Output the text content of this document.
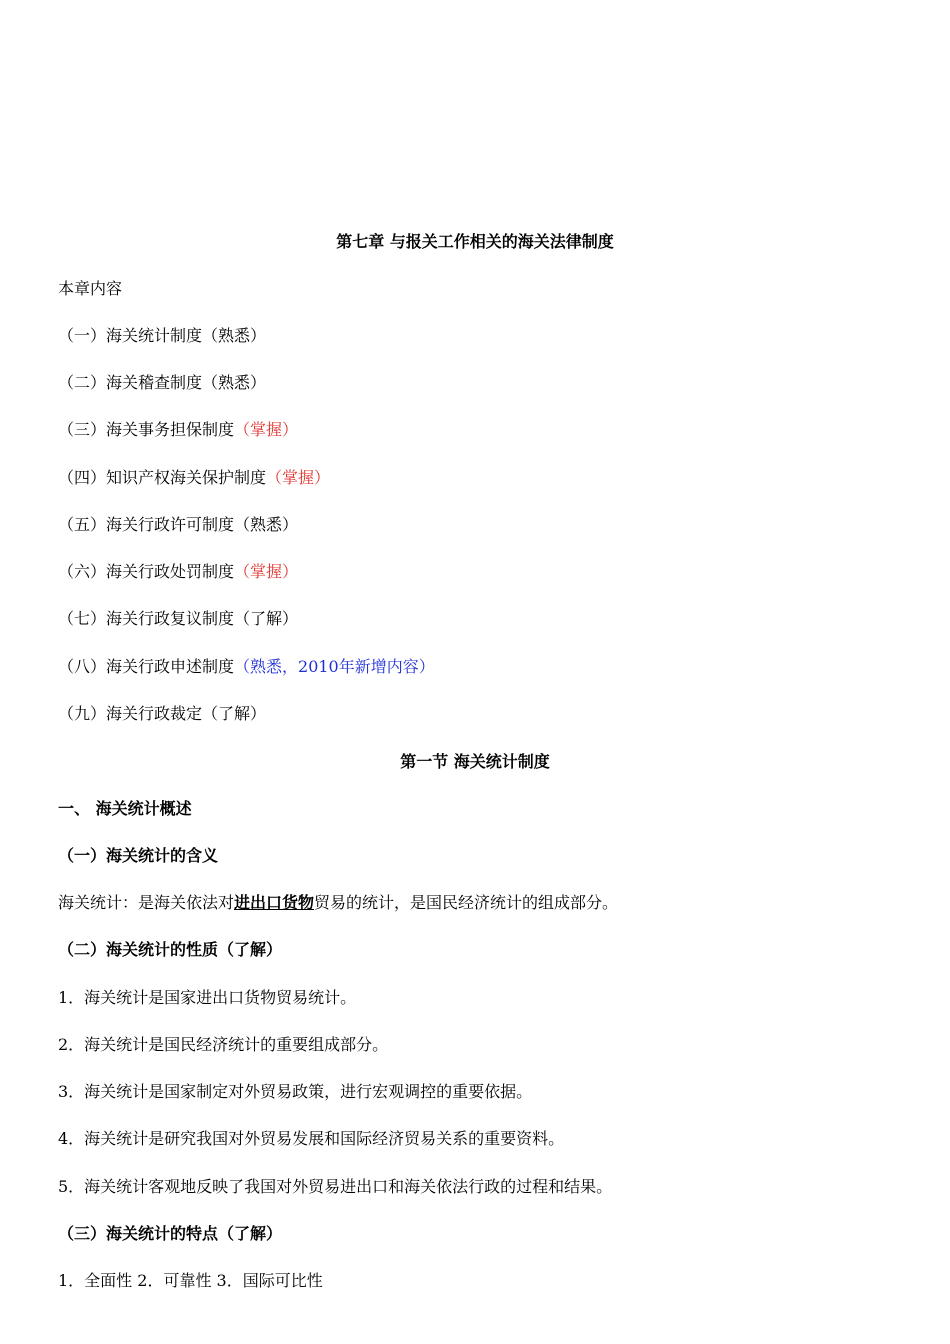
第七章 与报关工作相关的海关法律制度
本章内容
（一）海关统计制度（熟悉）
（二）海关稽查制度（熟悉）
（三）海关事务担保制度（掌握）
（四）知识产权海关保护制度（掌握）
（五）海关行政许可制度（熟悉）
（六）海关行政处罚制度（掌握）
（七）海关行政复议制度（了解）
（八）海关行政申述制度（熟悉，2010年新增内容）
（九）海关行政裁定（了解）
第一节 海关统计制度
一、 海关统计概述
（一）海关统计的含义
海关统计：是海关依法对进出口货物贸易的统计，是国民经济统计的组成部分。
（二）海关统计的性质（了解）
1．海关统计是国家进出口货物贸易统计。
2．海关统计是国民经济统计的重要组成部分。
3．海关统计是国家制定对外贸易政策，进行宏观调控的重要依据。
4．海关统计是研究我国对外贸易发展和国际经济贸易关系的重要资料。
5．海关统计客观地反映了我国对外贸易进出口和海关依法行政的过程和结果。
（三）海关统计的特点（了解）
1．全面性 2．可靠性 3．国际可比性
